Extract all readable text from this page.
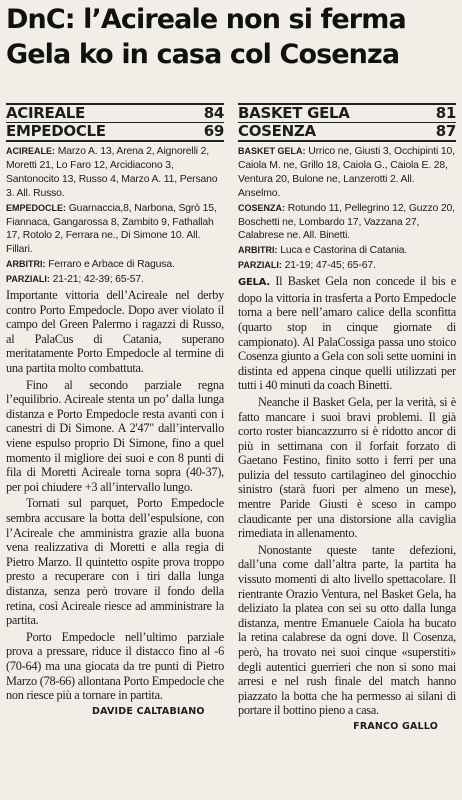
DnC: l’Acireale non si ferma
Gela ko in casa col Cosenza
ACIREALE	84
EMPEDOCLE	69

ACIREALE: Marzo A. 13, Arena 2, Aignorelli 2, Moretti 21, Lo Faro 12, Arcidiacono 3, Santonocito 13, Russo 4, Marzo A. 11, Persano 3. All. Russo.

EMPEDOCLE: Guarnaccia,8, Narbona, Sgrò 15, Fiannaca, Gangarossa 8, Zambito 9, Fathallah 17, Rotolo 2, Ferrara ne., Di Simone 10. All. Fillari.

ARBITRI: Ferraro e Arbace di Ragusa.

PARZIALI: 21-21; 42-39; 65-57.

Importante vittoria dell’Acireale nel derby contro Porto Empedocle. Dopo aver violato il campo del Green Palermo i ragazzi di Russo, al PalaCus di Catania, superano meritatamente Porto Empedocle al termine di una partita molto combattuta.

Fino al secondo parziale regna l’equilibrio. Acireale stenta un po’ dalla lunga distanza e Porto Empedocle resta avanti con i canestri di Di Simone. A 2'47" dall’intervallo viene espulso proprio Di Simone, fino a quel momento il migliore dei suoi e con 8 punti di fila di Moretti Acireale torna sopra (40-37), per poi chiudere +3 all’intervallo lungo.

Tornati sul parquet, Porto Empedocle sembra accusare la botta dell’espulsione, con l’Acireale che amministra grazie alla buona vena realizzativa di Moretti e alla regia di Pietro Marzo. Il quintetto ospite prova troppo presto a recuperare con i tiri dalla lunga distanza, senza però trovare il fondo della retina, così Acireale riesce ad amministrare la partita.

Porto Empedocle nell’ultimo parziale prova a pressare, riduce il distacco fino al -6 (70-64) ma una giocata da tre punti di Pietro Marzo (78-66) allontana Porto Empedocle che non riesce più a tornare in partita.

DAVIDE CALTABIANO
BASKET GELA	81
COSENZA	87

BASKET GELA: Urrico ne, Giusti 3, Occhipinti 10, Caiola M. ne, Grillo 18, Caiola G., Caiola E. 28, Ventura 20, Bulone ne, Lanzerotti 2. All. Anselmo.

COSENZA: Rotundo 11, Pellegrino 12, Guzzo 20, Boschetti ne, Lombardo 17, Vazzana 27, Calabrese ne. All. Binetti.

ARBITRI: Luca e Castorina di Catania.

PARZIALI: 21-19; 47-45; 65-67.

GELA. Il Basket Gela non concede il bis e dopo la vittoria in trasferta a Porto Empedocle torna a bere nell’amaro calice della sconfitta (quarto stop in cinque giornate di campionato). Al PalaCossiga passa uno stoico Cosenza giunto a Gela con soli sette uomini in distinta ed appena cinque quelli utilizzati per tutti i 40 minuti da coach Binetti.

Neanche il Basket Gela, per la verità, si è fatto mancare i suoi bravi problemi. Il già corto roster biancazzurro si è ridotto ancor di più in settimana con il forfait forzato di Gaetano Festino, finito sotto i ferri per una pulizia del tessuto cartilagineo del ginocchio sinistro (starà fuori per almeno un mese), mentre Paride Giusti è sceso in campo claudicante per una distorsione alla caviglia rimediata in allenamento.

Nonostante queste tante defezioni, dall’una come dall’altra parte, la partita ha vissuto momenti di alto livello spettacolare. Il rientrante Orazio Ventura, nel Basket Gela, ha deliziato la platea con sei su otto dalla lunga distanza, mentre Emanuele Caiola ha bucato la retina calabrese da ogni dove. Il Cosenza, però, ha trovato nei suoi cinque «superstiti» degli autentici guerrieri che non si sono mai arresi e nel rush finale del match hanno piazzato la botta che ha permesso ai silani di portare il bottino pieno a casa.

FRANCO GALLO
